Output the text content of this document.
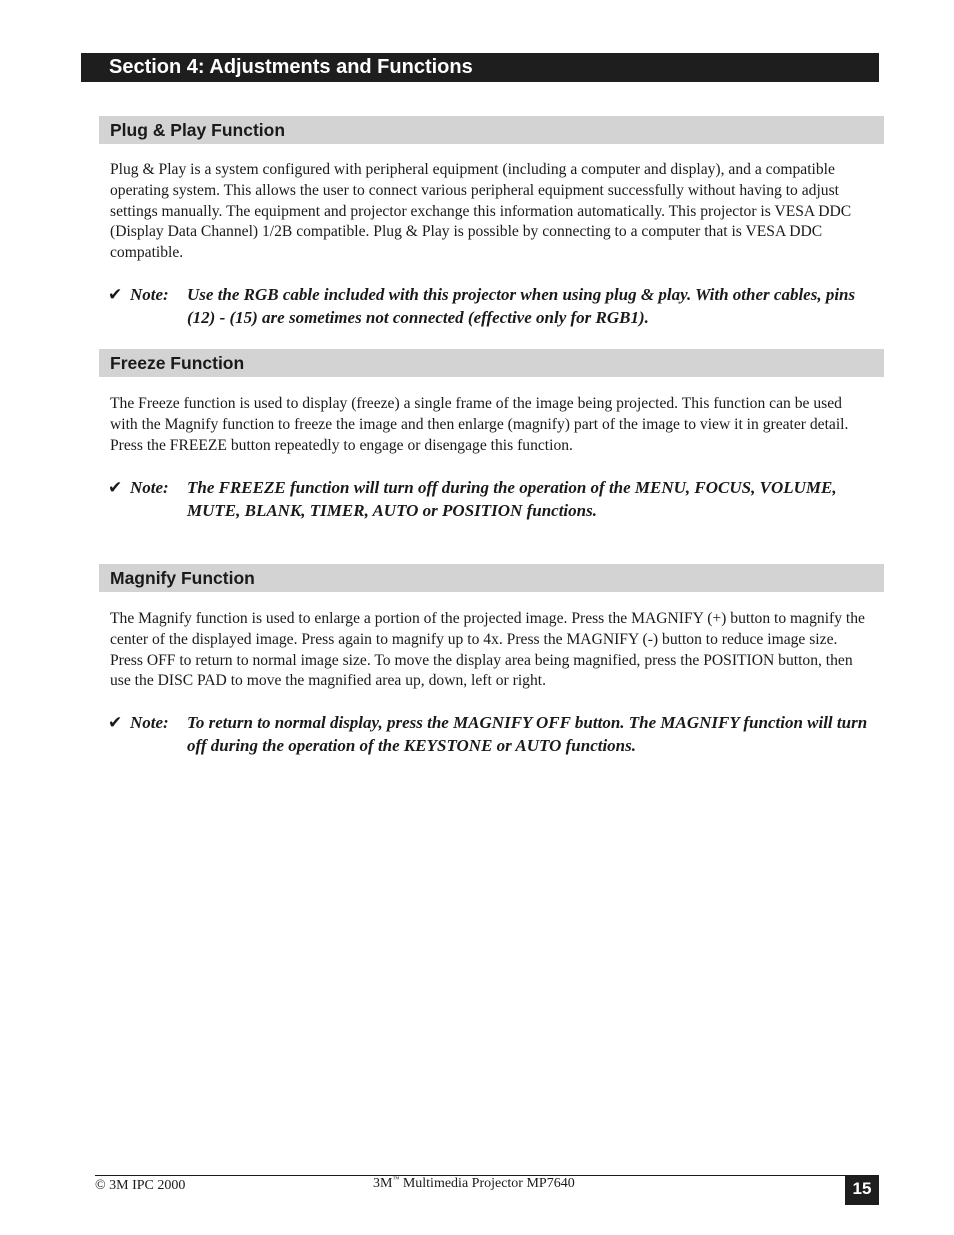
Section 4: Adjustments and Functions
Plug & Play Function

Plug & Play is a system configured with peripheral equipment (including a computer and display), and a compatible operating system. This allows the user to connect various peripheral equipment successfully without having to adjust settings manually. The equipment and projector exchange this information automatically. This projector is VESA DDC (Display Data Channel) 1/2B compatible. Plug & Play is possible by connecting to a computer that is VESA DDC compatible.

✔ Note: Use the RGB cable included with this projector when using plug & play. With other cables, pins (12) - (15) are sometimes not connected (effective only for RGB1).
Freeze Function

The Freeze function is used to display (freeze) a single frame of the image being projected. This function can be used with the Magnify function to freeze the image and then enlarge (magnify) part of the image to view it in greater detail. Press the FREEZE button repeatedly to engage or disengage this function.

✔ Note: The FREEZE function will turn off during the operation of the MENU, FOCUS, VOLUME, MUTE, BLANK, TIMER, AUTO or POSITION functions.
Magnify Function

The Magnify function is used to enlarge a portion of the projected image. Press the MAGNIFY (+) button to magnify the center of the displayed image. Press again to magnify up to 4x. Press the MAGNIFY (-) button to reduce image size. Press OFF to return to normal image size. To move the display area being magnified, press the POSITION button, then use the DISC PAD to move the magnified area up, down, left or right.

✔ Note: To return to normal display, press the MAGNIFY OFF button. The MAGNIFY function will turn off during the operation of the KEYSTONE or AUTO functions.
© 3M IPC 2000	3M™ Multimedia Projector MP7640	15
